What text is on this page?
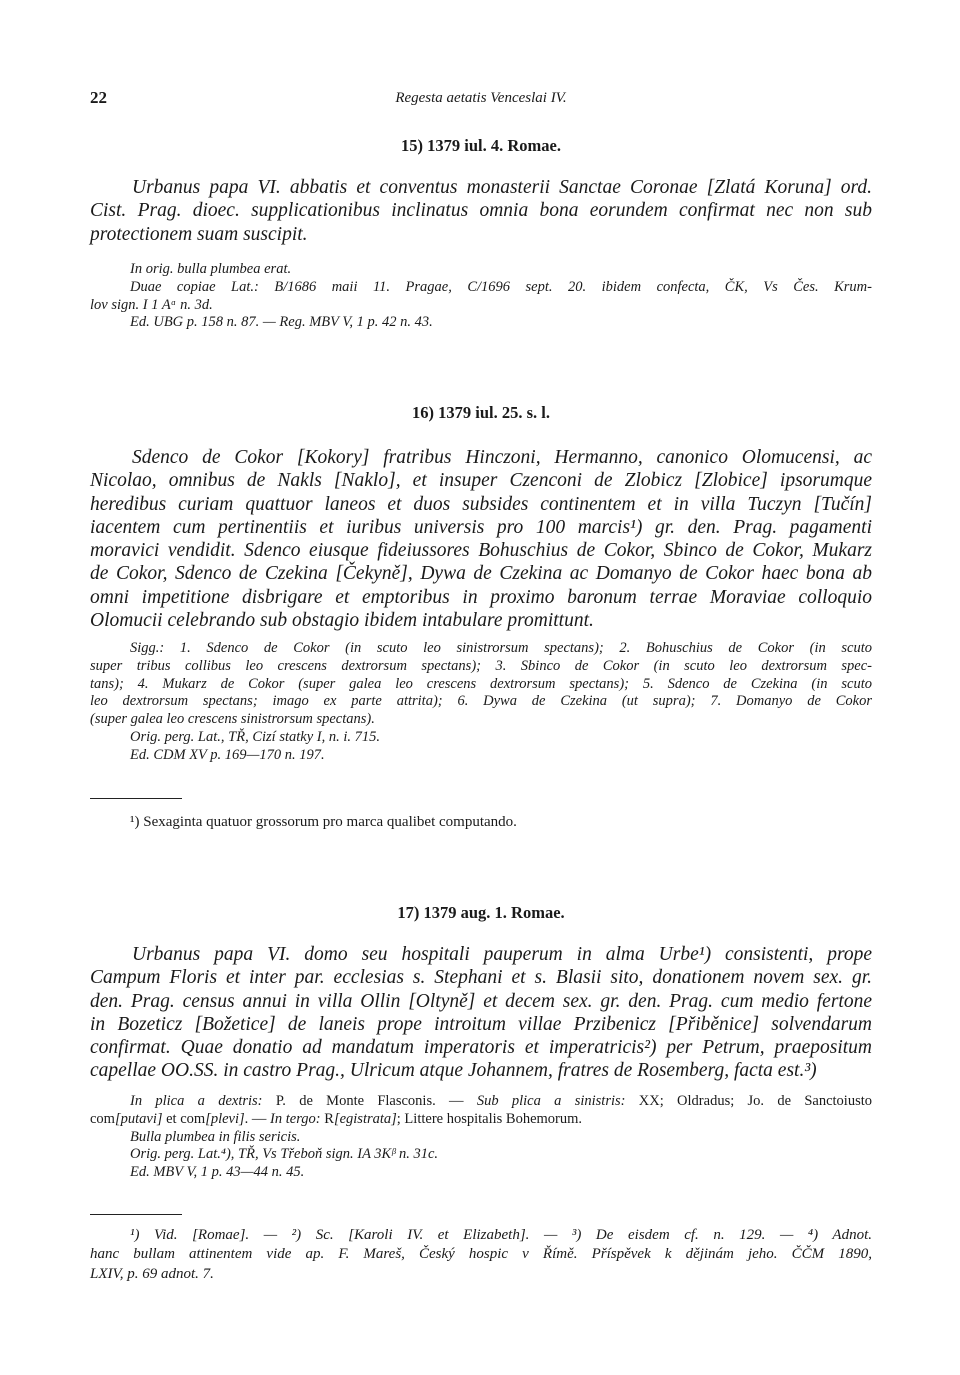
22	Regesta aetatis Venceslai IV.
15) 1379 iul. 4. Romae.
Urbanus papa VI. abbatis et conventus monasterii Sanctae Coronae [Zlatá Koruna] ord.
Cist. Prag. dioec. supplicationibus inclinatus omnia bona eorundem confirmat nec non sub
protectionem suam suscipit.
In orig. bulla plumbea erat.
Duae copiae Lat.: B/1686 maii 11. Pragae, C/1696 sept. 20. ibidem confecta, ČK, Vs Čes. Krum-
lov sign. I 1 Aᵅ n. 3d.
Ed. UBG p. 158 n. 87. — Reg. MBV V, 1 p. 42 n. 43.
16) 1379 iul. 25. s. l.
Sdenco de Cokor [Kokory] fratribus Hinczoni, Hermanno, canonico Olomucensi, ac
Nicolao, omnibus de Nakls [Naklo], et insuper Czenconi de Zlobicz [Zlobice] ipsorumque
heredibus curiam quattuor laneos et duos subsides continentem et in villa Tuczyn [Tučín]
iacentem cum pertinentiis et iuribus universis pro 100 marcis¹) gr. den. Prag. pagamenti
moravici vendidit. Sdenco eiusque fideiussores Bohuschius de Cokor, Sbinco de Cokor, Mukarz
de Cokor, Sdenco de Czekina [Čekyně], Dywa de Czekina ac Domanyo de Cokor haec bona ab
omni impetitione disbrigare et emptoribus in proximo baronum terrae Moraviae colloquio
Olomucii celebrando sub obstagio ibidem intabulare promittunt.
Sigg.: 1. Sdenco de Cokor (in scuto leo sinistrorsum spectans); 2. Bohuschius de Cokor (in scuto
super tribus collibus leo crescens dextrorsum spectans); 3. Sbinco de Cokor (in scuto leo dextrorsum spec-
tans); 4. Mukarz de Cokor (super galea leo crescens dextrorsum spectans); 5. Sdenco de Czekina (in scuto
leo dextrorsum spectans; imago ex parte attrita); 6. Dywa de Czekina (ut supra); 7. Domanyo de Cokor
(super galea leo crescens sinistrorsum spectans).
Orig. perg. Lat., TŘ, Cizí statky I, n. i. 715.
Ed. CDM XV p. 169—170 n. 197.
¹) Sexaginta quatuor grossorum pro marca qualibet computando.
17) 1379 aug. 1. Romae.
Urbanus papa VI. domo seu hospitali pauperum in alma Urbe¹) consistenti, prope
Campum Floris et inter par. ecclesias s. Stephani et s. Blasii sito, donationem novem sex. gr.
den. Prag. census annui in villa Ollin [Oltyně] et decem sex. gr. den. Prag. cum medio fertone
in Bozeticz [Božetice] de laneis prope introitum villae Przibenicz [Přiběnice] solvendarum
confirmat. Quae donatio ad mandatum imperatoris et imperatricis²) per Petrum, praepositum
capellae OO.SS. in castro Prag., Ulricum atque Johannem, fratres de Rosemberg, facta est.³)
In plica a dextris: P. de Monte Flasconis. — Sub plica a sinistris: XX; Oldradus; Jo. de Sanctoiusto
com[putavi] et com[plevi]. — In tergo: R[egistrata]; Littere hospitalis Bohemorum.
Bulla plumbea in filis sericis.
Orig. perg. Lat.⁴), TŘ, Vs Třeboň sign. IA 3Kᵝ n. 31c.
Ed. MBV V, 1 p. 43—44 n. 45.
¹) Vid. [Romae]. — ²) Sc. [Karoli IV. et Elizabeth]. — ³) De eisdem cf. n. 129. — ⁴) Adnot.
hanc bullam attinentem vide ap. F. Mareš, Český hospic v Římě. Příspěvek k dějinám jeho. ČČM 1890,
LXIV, p. 69 adnot. 7.
